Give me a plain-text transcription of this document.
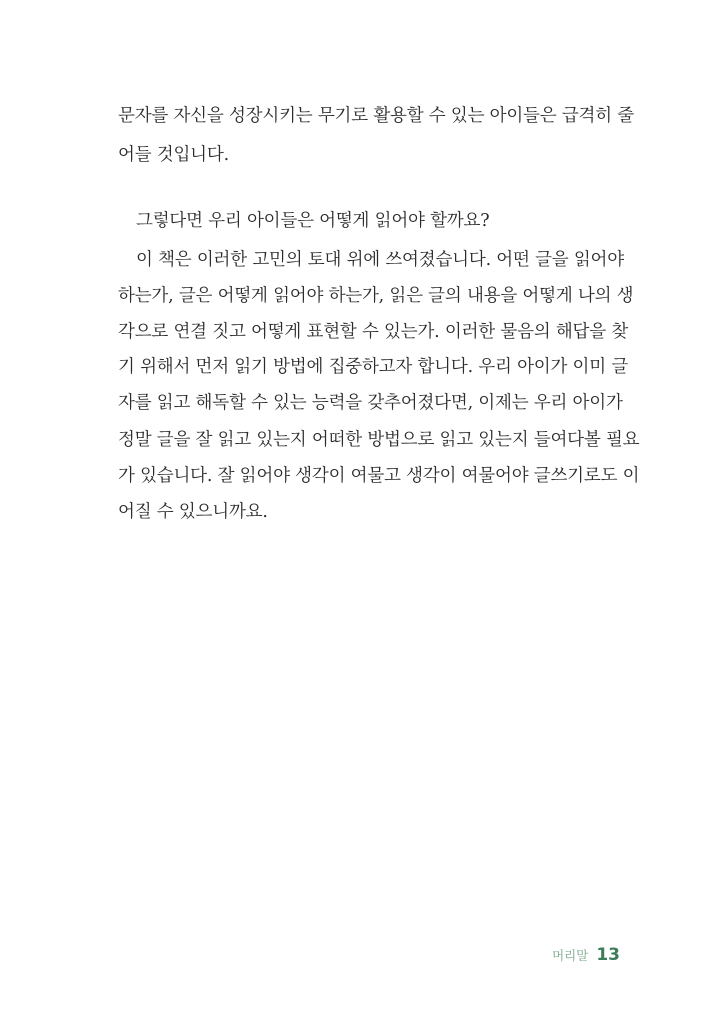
문자를 자신을 성장시키는 무기로 활용할 수 있는 아이들은 급격히 줄
어들 것입니다.
그렇다면 우리 아이들은 어떻게 읽어야 할까요?
이 책은 이러한 고민의 토대 위에 쓰여졌습니다. 어떤 글을 읽어야
하는가, 글은 어떻게 읽어야 하는가, 읽은 글의 내용을 어떻게 나의 생
각으로 연결 짓고 어떻게 표현할 수 있는가. 이러한 물음의 해답을 찾
기 위해서 먼저 읽기 방법에 집중하고자 합니다. 우리 아이가 이미 글
자를 읽고 해독할 수 있는 능력을 갖추어졌다면, 이제는 우리 아이가
정말 글을 잘 읽고 있는지 어떠한 방법으로 읽고 있는지 들여다볼 필요
가 있습니다. 잘 읽어야 생각이 여물고 생각이 여물어야 글쓰기로도 이
어질 수 있으니까요.
머리말 13
